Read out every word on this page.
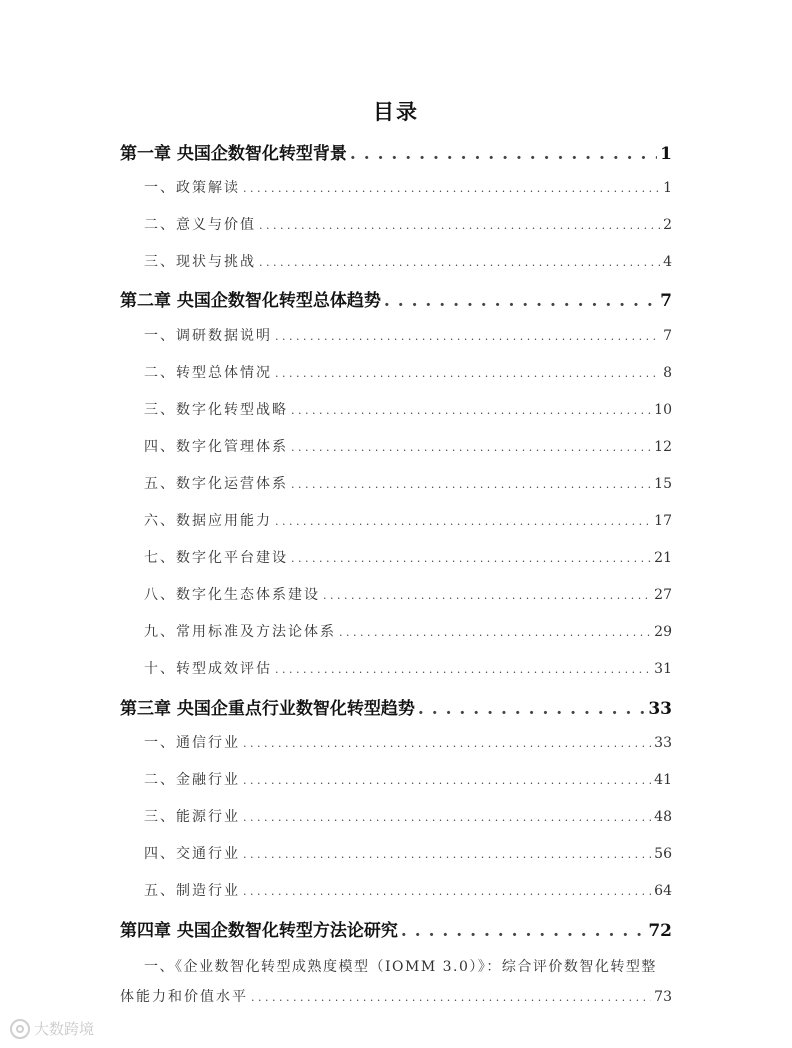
目录
第一章 央国企数智化转型背景 . . .	1
一、政策解读 . . .	1
二、意义与价值 . . .	2
三、现状与挑战 . . .	4
第二章 央国企数智化转型总体趋势 . . .	7
一、调研数据说明 . . .	7
二、转型总体情况 . . .	8
三、数字化转型战略 . . .	10
四、数字化管理体系 . . .	12
五、数字化运营体系 . . .	15
六、数据应用能力 . . .	17
七、数字化平台建设 . . .	21
八、数字化生态体系建设 . . .	27
九、常用标准及方法论体系 . . .	29
十、转型成效评估 . . .	31
第三章 央国企重点行业数智化转型趋势 . . .	33
一、通信行业 . . .	33
二、金融行业 . . .	41
三、能源行业 . . .	48
四、交通行业 . . .	56
五、制造行业 . . .	64
第四章 央国企数智化转型方法论研究 . . .	72
一、《企业数智化转型成熟度模型（IOMM 3.0）》：综合评价数智化转型整
体能力和价值水平 . . .	73
大数跨境
